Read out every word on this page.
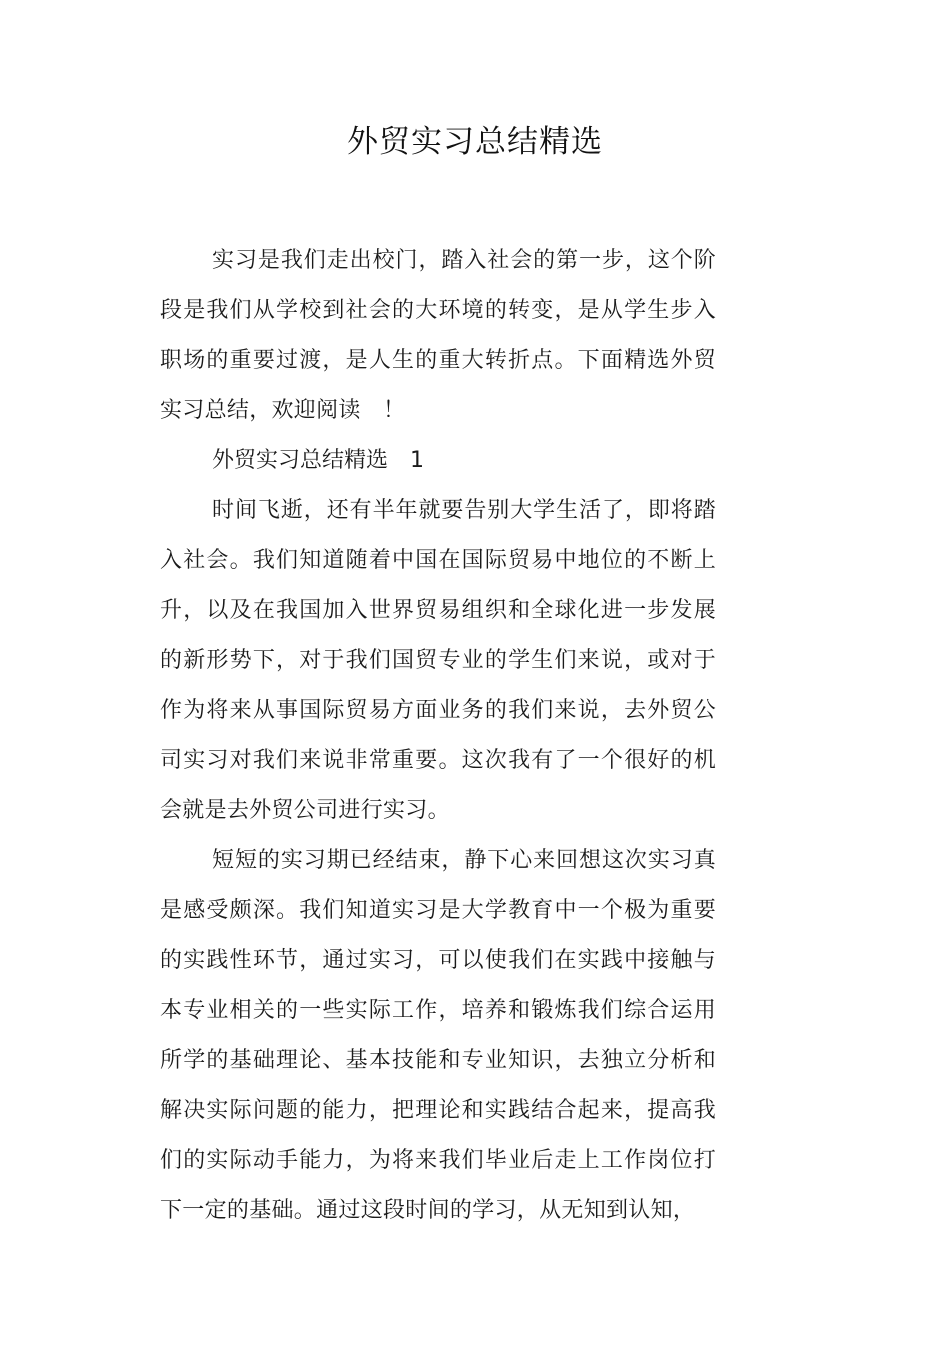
外贸实习总结精选

实习是我们走出校门，踏入社会的第一步，这个阶段是我们从学校到社会的大环境的转变，是从学生步入职场的重要过渡，是人生的重大转折点。下面精选外贸实习总结，欢迎阅读　！

外贸实习总结精选 1

时间飞逝，还有半年就要告别大学生活了，即将踏入社会。我们知道随着中国在国际贸易中地位的不断上升，以及在我国加入世界贸易组织和全球化进一步发展的新形势下，对于我们国贸专业的学生们来说，或对于作为将来从事国际贸易方面业务的我们来说，去外贸公司实习对我们来说非常重要。这次我有了一个很好的机会就是去外贸公司进行实习。

短短的实习期已经结束，静下心来回想这次实习真是感受颇深。我们知道实习是大学教育中一个极为重要的实践性环节，通过实习，可以使我们在实践中接触与本专业相关的一些实际工作，培养和锻炼我们综合运用所学的基础理论、基本技能和专业知识，去独立分析和解决实际问题的能力，把理论和实践结合起来，提高我们的实际动手能力，为将来我们毕业后走上工作岗位打下一定的基础。通过这段时间的学习，从无知到认知，
